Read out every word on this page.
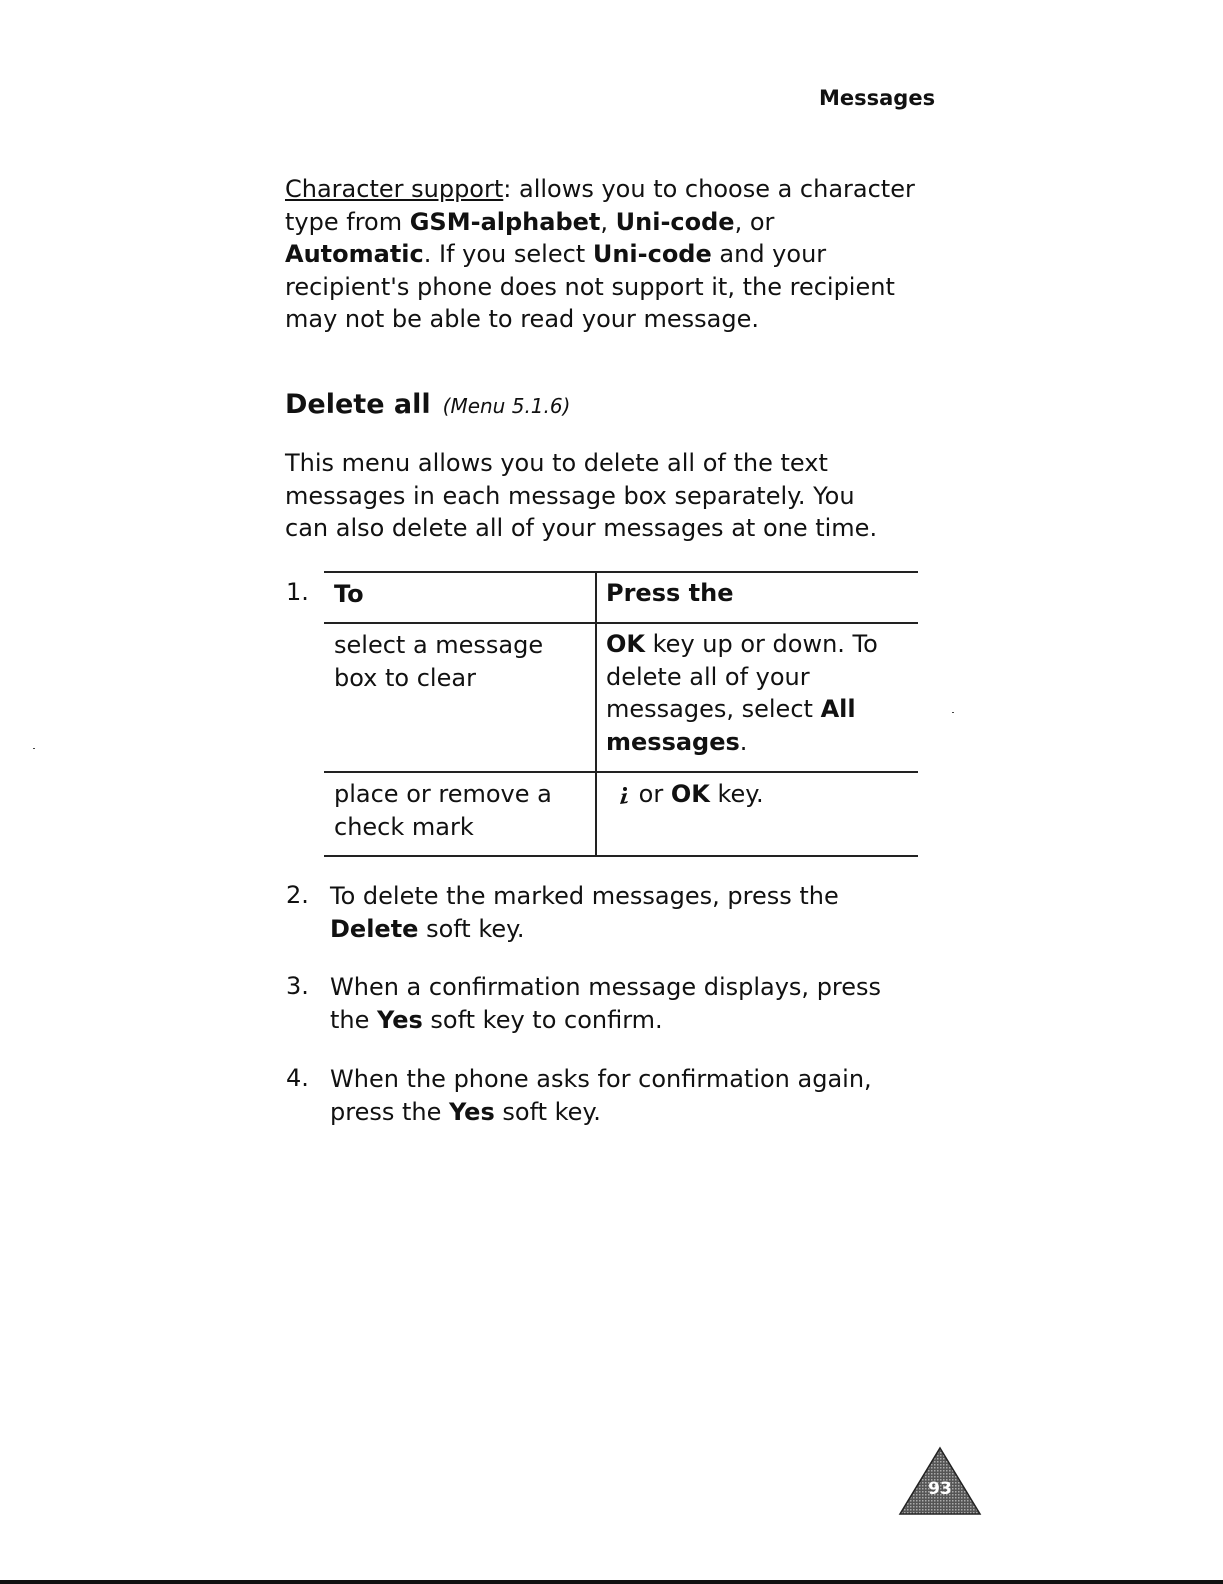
Messages
Character support: allows you to choose a character
type from GSM-alphabet, Uni-code, or
Automatic. If you select Uni-code and your
recipient's phone does not support it, the recipient
may not be able to read your message.
Delete all (Menu 5.1.6)
This menu allows you to delete all of the text
messages in each message box separately. You
can also delete all of your messages at one time.
1. To	Press the
select a message
box to clear
OK key up or down. To
delete all of your
messages, select All
messages.
place or remove a
check mark
or OK key.
2. To delete the marked messages, press the
Delete soft key.
3. When a confirmation message displays, press
the Yes soft key to confirm.
4. When the phone asks for confirmation again,
press the Yes soft key.
93
